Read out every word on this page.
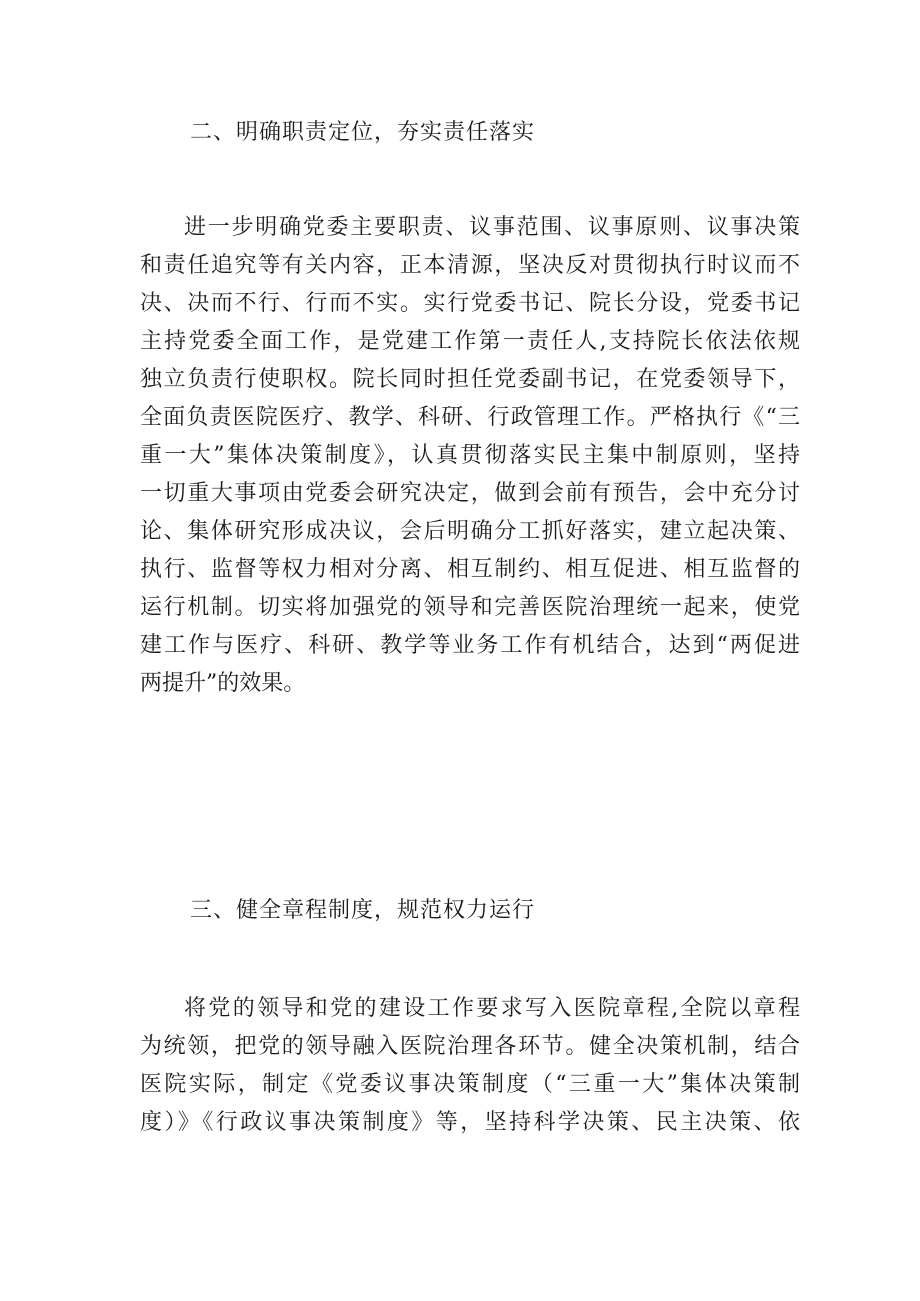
二、明确职责定位，夯实责任落实
进一步明确党委主要职责、议事范围、议事原则、议事决策
和责任追究等有关内容，正本清源，坚决反对贯彻执行时议而不
决、决而不行、行而不实。实行党委书记、院长分设，党委书记
主持党委全面工作，是党建工作第一责任人,支持院长依法依规
独立负责行使职权。院长同时担任党委副书记，在党委领导下，
全面负责医院医疗、教学、科研、行政管理工作。严格执行《“三
重一大”集体决策制度》，认真贯彻落实民主集中制原则，坚持
一切重大事项由党委会研究决定，做到会前有预告，会中充分讨
论、集体研究形成决议，会后明确分工抓好落实，建立起决策、
执行、监督等权力相对分离、相互制约、相互促进、相互监督的
运行机制。切实将加强党的领导和完善医院治理统一起来，使党
建工作与医疗、科研、教学等业务工作有机结合，达到“两促进
两提升”的效果。
三、健全章程制度，规范权力运行
将党的领导和党的建设工作要求写入医院章程,全院以章程
为统领，把党的领导融入医院治理各环节。健全决策机制，结合
医院实际，制定《党委议事决策制度（“三重一大”集体决策制
度）》《行政议事决策制度》等，坚持科学决策、民主决策、依
